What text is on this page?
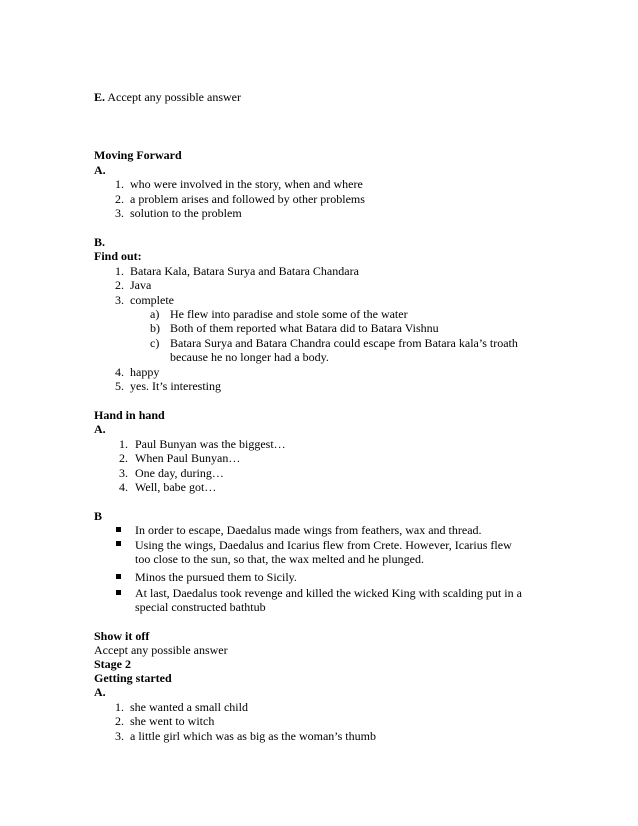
E. Accept any possible answer
Moving Forward
A.
1. who were involved in the story, when and where
2. a problem arises and followed by other problems
3. solution to the problem
B.
Find out:
1. Batara Kala, Batara Surya and Batara Chandara
2. Java
3. complete
a) He flew into paradise and stole some of the water
b) Both of them reported what Batara did to Batara Vishnu
c) Batara Surya and Batara Chandra could escape from Batara kala’s troath
because he no longer had a body.
4. happy
5. yes. It’s interesting
Hand in hand
A.
1. Paul Bunyan was the biggest…
2. When Paul Bunyan…
3. One day, during…
4. Well, babe got…
B
In order to escape, Daedalus made wings from feathers, wax and thread.
Using the wings, Daedalus and Icarius flew from Crete. However, Icarius flew
too close to the sun, so that, the wax melted and he plunged.
Minos the pursued them to Sicily.
At last, Daedalus took revenge and killed the wicked King with scalding put in a
special constructed bathtub
Show it off
Accept any possible answer
Stage 2
Getting started
A.
1. she wanted a small child
2. she went to witch
3. a little girl which was as big as the woman’s thumb
